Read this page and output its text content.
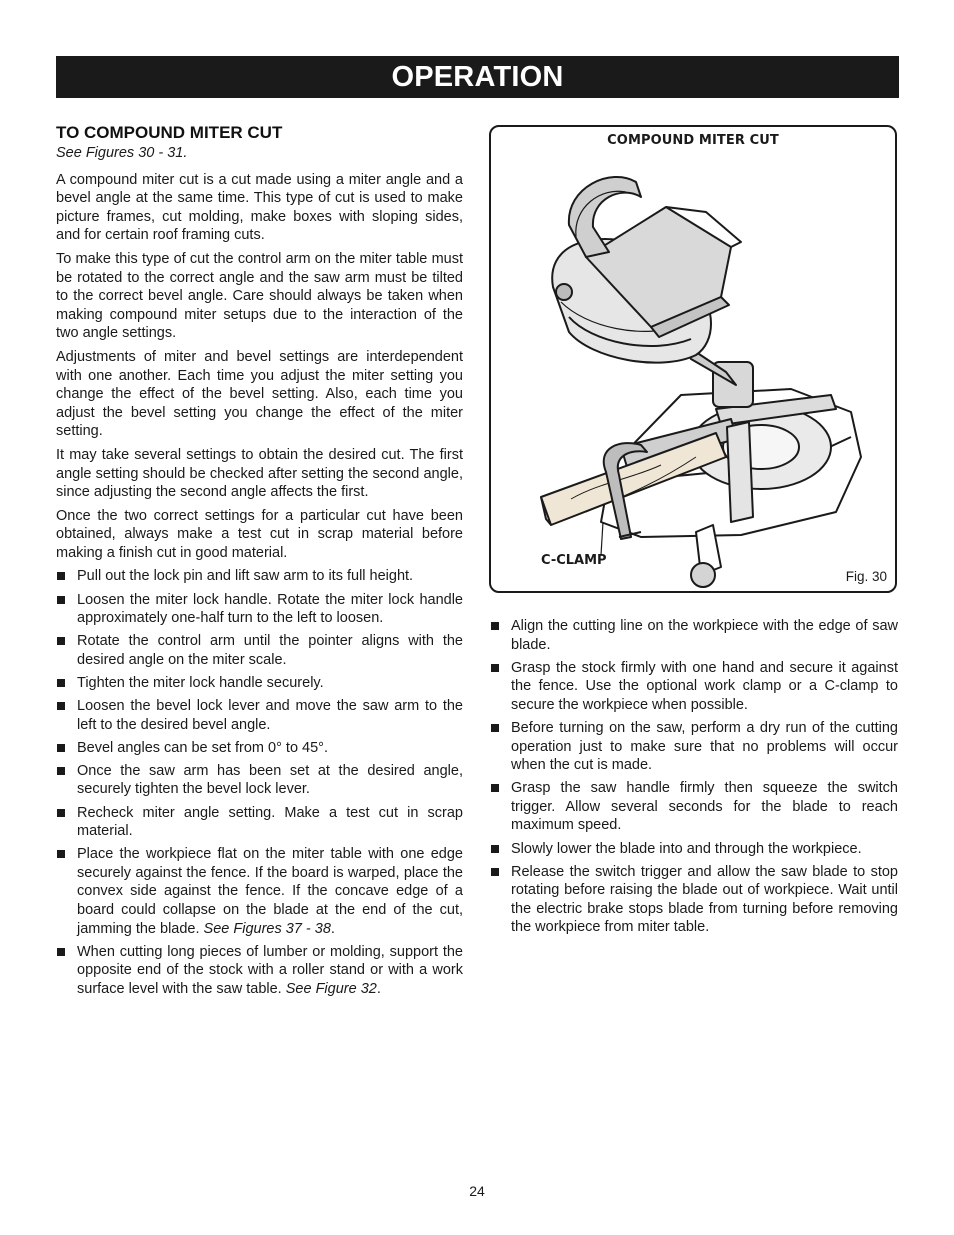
OPERATION
TO COMPOUND MITER CUT
See Figures 30 - 31.

A compound miter cut is a cut made using a miter angle and a bevel angle at the same time. This type of cut is used to make picture frames, cut molding, make boxes with sloping sides, and for certain roof framing cuts.

To make this type of cut the control arm on the miter table must be rotated to the correct angle and the saw arm must be tilted to the correct bevel angle. Care should always be taken when making compound miter setups due to the interaction of the two angle settings.

Adjustments of miter and bevel settings are interdependent with one another. Each time you adjust the miter setting you change the effect of the bevel setting. Also, each time you adjust the bevel setting you change the effect of the miter setting.

It may take several settings to obtain the desired cut. The first angle setting should be checked after setting the second angle, since adjusting the second angle affects the first.

Once the two correct settings for a particular cut have been obtained, always make a test cut in scrap material before making a finish cut in good material.

Pull out the lock pin and lift saw arm to its full height.
Loosen the miter lock handle. Rotate the miter lock handle approximately one-half turn to the left to loosen.
Rotate the control arm until the pointer aligns with the desired angle on the miter scale.
Tighten the miter lock handle securely.
Loosen the bevel lock lever and move the saw arm to the left to the desired bevel angle.
Bevel angles can be set from 0° to 45°.
Once the saw arm has been set at the desired angle, securely tighten the bevel lock lever.
Recheck miter angle setting. Make a test cut in scrap material.
Place the workpiece flat on the miter table with one edge securely against the fence. If the board is warped, place the convex side against the fence. If the concave edge of a board could collapse on the blade at the end of the cut, jamming the blade. See Figures 37 - 38.
When cutting long pieces of lumber or molding, support the opposite end of the stock with a roller stand or with a work surface level with the saw table. See Figure 32.
COMPOUND MITER CUT
C-CLAMP
Fig. 30
Align the cutting line on the workpiece with the edge of saw blade.
Grasp the stock firmly with one hand and secure it against the fence. Use the optional work clamp or a C-clamp to secure the workpiece when possible.
Before turning on the saw, perform a dry run of the cutting operation just to make sure that no problems will occur when the cut is made.
Grasp the saw handle firmly then squeeze the switch trigger. Allow several seconds for the blade to reach maximum speed.
Slowly lower the blade into and through the workpiece.
Release the switch trigger and allow the saw blade to stop rotating before raising the blade out of workpiece. Wait until the electric brake stops blade from turning before removing the workpiece from miter table.
24
